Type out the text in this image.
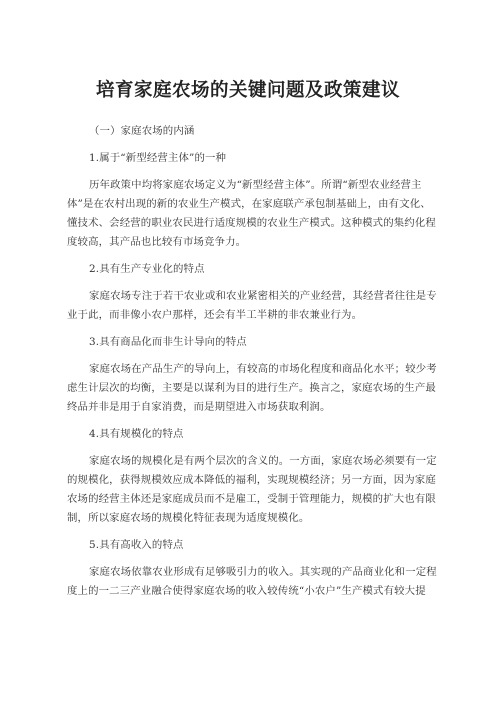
培育家庭农场的关键问题及政策建议
（一）家庭农场的内涵
1.属于“新型经营主体”的一种
历年政策中均将家庭农场定义为“新型经营主体”。所谓“新型农业经营主
体”是在农村出现的新的农业生产模式，在家庭联产承包制基础上，由有文化、
懂技术、会经营的职业农民进行适度规模的农业生产模式。这种模式的集约化程
度较高，其产品也比较有市场竞争力。
2.具有生产专业化的特点
家庭农场专注于若干农业或和农业紧密相关的产业经营，其经营者往往是专
业于此，而非像小农户那样，还会有半工半耕的非农兼业行为。
3.具有商品化而非生计导向的特点
家庭农场在产品生产的导向上，有较高的市场化程度和商品化水平；较少考
虑生计层次的均衡，主要是以谋利为目的进行生产。换言之，家庭农场的生产最
终品并非是用于自家消费，而是期望进入市场获取利润。
4.具有规模化的特点
家庭农场的规模化是有两个层次的含义的。一方面，家庭农场必须要有一定
的规模化，获得规模效应成本降低的福利，实现规模经济；另一方面，因为家庭
农场的经营主体还是家庭成员而不是雇工，受制于管理能力，规模的扩大也有限
制，所以家庭农场的规模化特征表现为适度规模化。
5.具有高收入的特点
家庭农场依靠农业形成有足够吸引力的收入。其实现的产品商业化和一定程
度上的一二三产业融合使得家庭农场的收入较传统“小农户”生产模式有较大提
